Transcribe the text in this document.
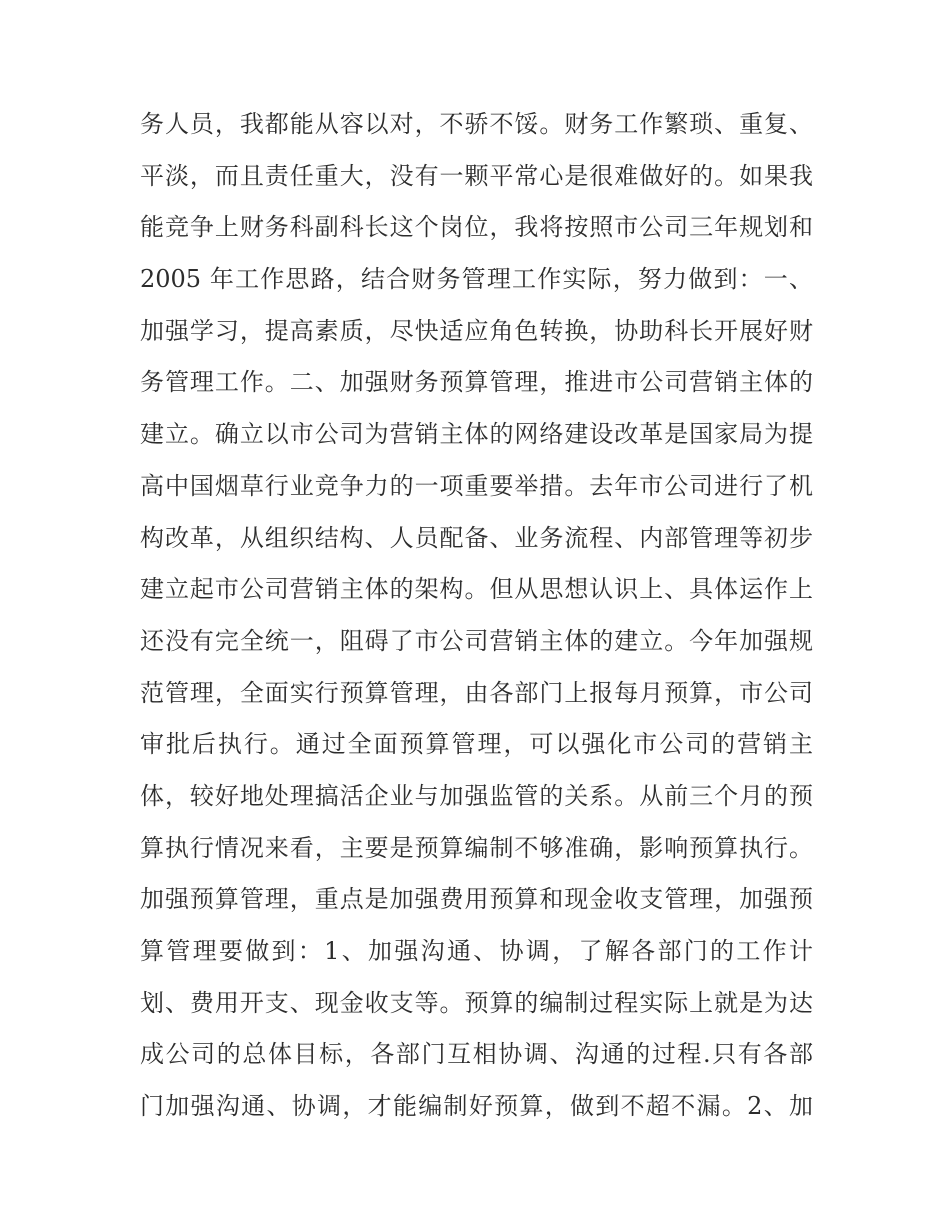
务人员，我都能从容以对，不骄不馁。财务工作繁琐、重复、
平淡，而且责任重大，没有一颗平常心是很难做好的。如果我
能竞争上财务科副科长这个岗位，我将按照市公司三年规划和
2005 年工作思路，结合财务管理工作实际，努力做到：一、
加强学习，提高素质，尽快适应角色转换，协助科长开展好财
务管理工作。二、加强财务预算管理，推进市公司营销主体的
建立。确立以市公司为营销主体的网络建设改革是国家局为提
高中国烟草行业竞争力的一项重要举措。去年市公司进行了机
构改革，从组织结构、人员配备、业务流程、内部管理等初步
建立起市公司营销主体的架构。但从思想认识上、具体运作上
还没有完全统一，阻碍了市公司营销主体的建立。今年加强规
范管理，全面实行预算管理，由各部门上报每月预算，市公司
审批后执行。通过全面预算管理，可以强化市公司的营销主
体，较好地处理搞活企业与加强监管的关系。从前三个月的预
算执行情况来看，主要是预算编制不够准确，影响预算执行。
加强预算管理，重点是加强费用预算和现金收支管理，加强预
算管理要做到：1、加强沟通、协调，了解各部门的工作计
划、费用开支、现金收支等。预算的编制过程实际上就是为达
成公司的总体目标，各部门互相协调、沟通的过程.只有各部
门加强沟通、协调，才能编制好预算，做到不超不漏。2、加
